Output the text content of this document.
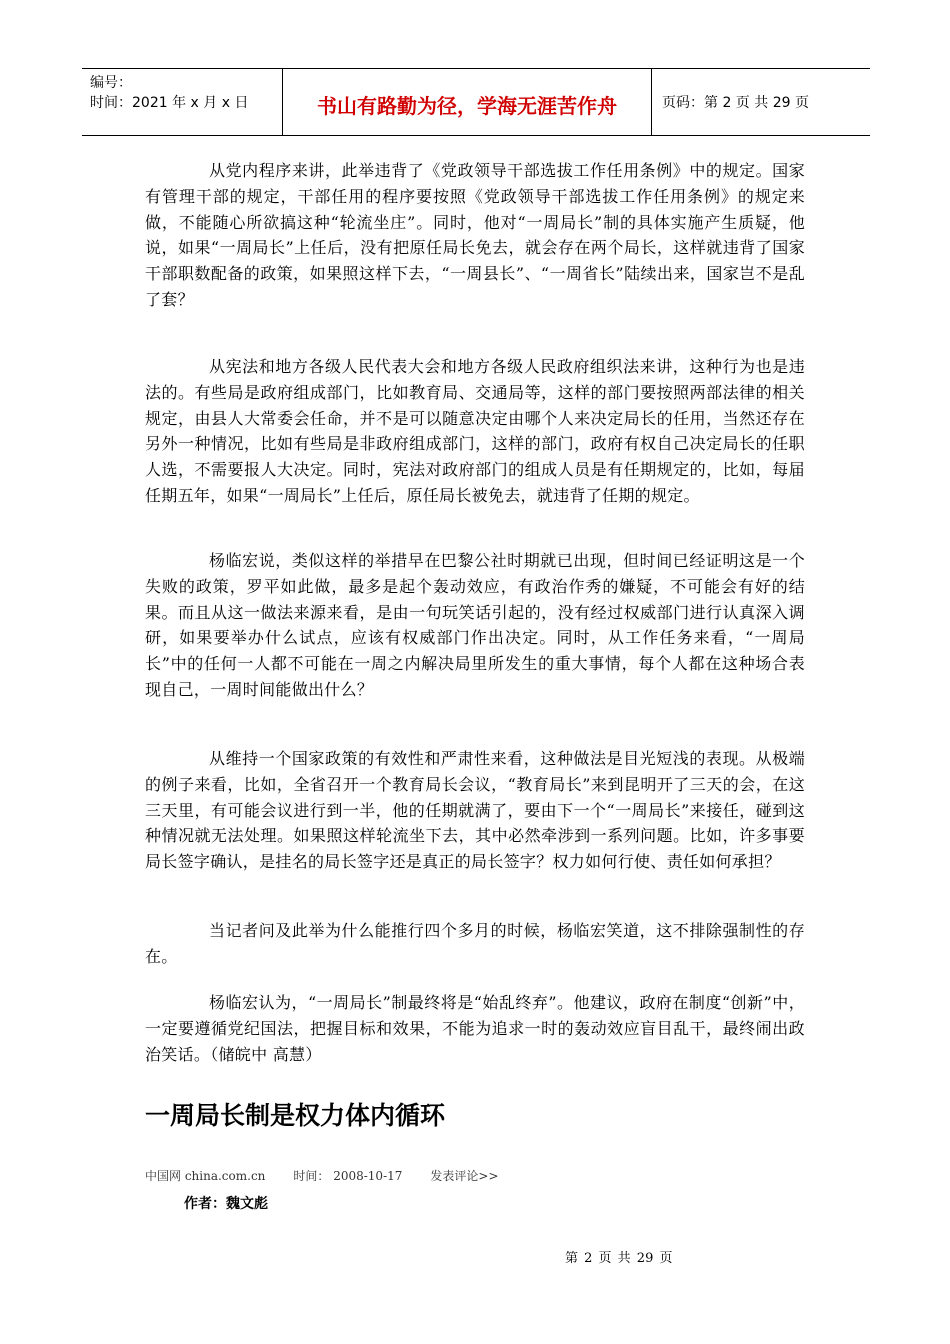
编号：
时间：2021 年 x 月 x 日	书山有路勤为径，学海无涯苦作舟	页码：第 2 页 共 29 页

从党内程序来讲，此举违背了《党政领导干部选拔工作任用条例》中的规定。国家有管理干部的规定，干部任用的程序要按照《党政领导干部选拔工作任用条例》的规定来做，不能随心所欲搞这种“轮流坐庄”。同时，他对“一周局长”制的具体实施产生质疑，他说，如果“一周局长”上任后，没有把原任局长免去，就会存在两个局长，这样就违背了国家干部职数配备的政策，如果照这样下去，“一周县长”、“一周省长”陆续出来，国家岂不是乱了套？

从宪法和地方各级人民代表大会和地方各级人民政府组织法来讲，这种行为也是违法的。有些局是政府组成部门，比如教育局、交通局等，这样的部门要按照两部法律的相关规定，由县人大常委会任命，并不是可以随意决定由哪个人来决定局长的任用，当然还存在另外一种情况，比如有些局是非政府组成部门，这样的部门，政府有权自己决定局长的任职人选，不需要报人大决定。同时，宪法对政府部门的组成人员是有任期规定的，比如，每届任期五年，如果“一周局长”上任后，原任局长被免去，就违背了任期的规定。

杨临宏说，类似这样的举措早在巴黎公社时期就已出现，但时间已经证明这是一个失败的政策，罗平如此做，最多是起个轰动效应，有政治作秀的嫌疑，不可能会有好的结果。而且从这一做法来源来看，是由一句玩笑话引起的，没有经过权威部门进行认真深入调研，如果要举办什么试点，应该有权威部门作出决定。同时，从工作任务来看，“一周局长”中的任何一人都不可能在一周之内解决局里所发生的重大事情，每个人都在这种场合表现自己，一周时间能做出什么？

从维持一个国家政策的有效性和严肃性来看，这种做法是目光短浅的表现。从极端的例子来看，比如，全省召开一个教育局长会议，“教育局长”来到昆明开了三天的会，在这三天里，有可能会议进行到一半，他的任期就满了，要由下一个“一周局长”来接任，碰到这种情况就无法处理。如果照这样轮流坐下去，其中必然牵涉到一系列问题。比如，许多事要局长签字确认，是挂名的局长签字还是真正的局长签字？权力如何行使、责任如何承担？

当记者问及此举为什么能推行四个多月的时候，杨临宏笑道，这不排除强制性的存在。

杨临宏认为，“一周局长”制最终将是“始乱终弃”。他建议，政府在制度“创新”中，一定要遵循党纪国法，把握目标和效果，不能为追求一时的轰动效应盲目乱干，最终闹出政治笑话。（储皖中 高慧）

一周局长制是权力体内循环
中国网 china.com.cn 时间： 2008-10-17 发表评论>>
作者：魏文彪
第 2 页 共 29 页
